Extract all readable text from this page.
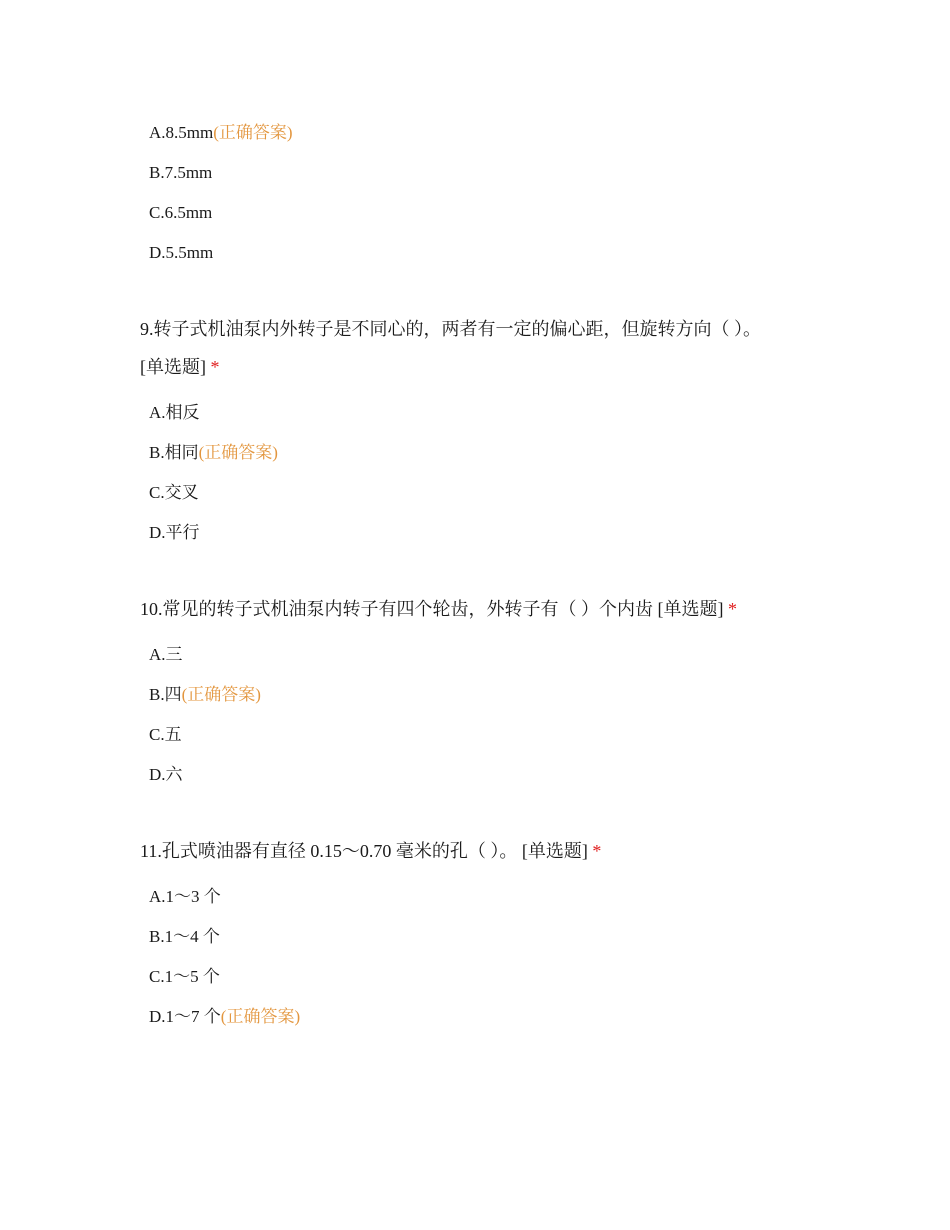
A.8.5mm(正确答案)
B.7.5mm
C.6.5mm
D.5.5mm
9.转子式机油泵内外转子是不同心的，两者有一定的偏心距，但旋转方向（ ）。
[单选题] *
A.相反
B.相同(正确答案)
C.交叉
D.平行
10.常见的转子式机油泵内转子有四个轮齿，外转子有（ ）个内齿 [单选题] *
A.三
B.四(正确答案)
C.五
D.六
11.孔式喷油器有直径 0.15～0.70 毫米的孔（ ）。 [单选题] *
A.1～3 个
B.1～4 个
C.1～5 个
D.1～7 个(正确答案)
